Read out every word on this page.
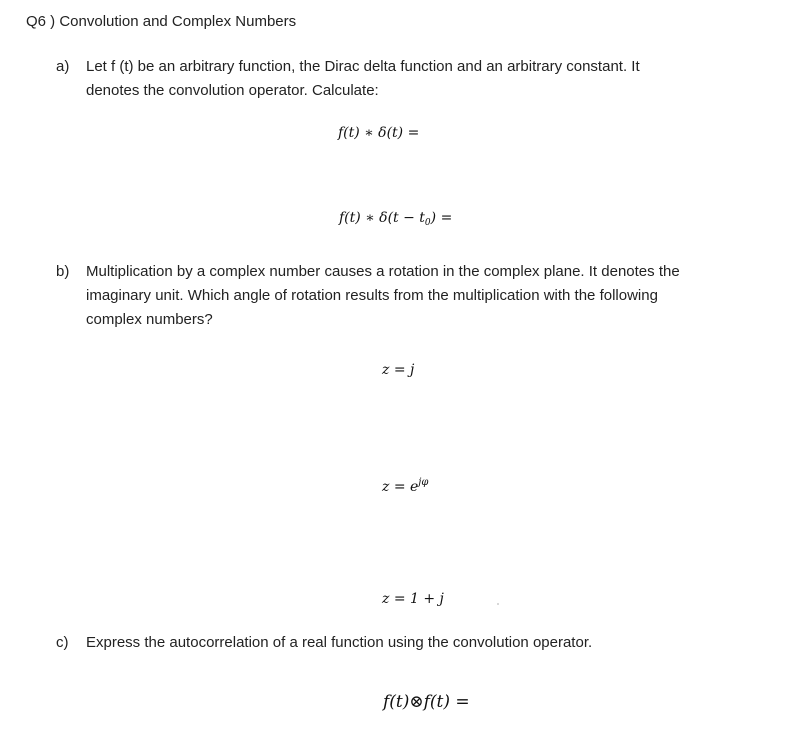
Q6 ) Convolution and Complex Numbers
a) Let f (t) be an arbitrary function, the Dirac delta function and an arbitrary constant. It
denotes the convolution operator. Calculate:
f(t) ∗ δ(t) =
f(t) ∗ $\delta(t - t_0)$ =
b) Multiplication by a complex number causes a rotation in the complex plane. It denotes the
imaginary unit. Which angle of rotation results from the multiplication with the following
complex numbers?
z = j
$z = e^{j\varphi}$
z = 1 + j
c) Express the autocorrelation of a real function using the convolution operator.
f(t)⊗f(t) =
